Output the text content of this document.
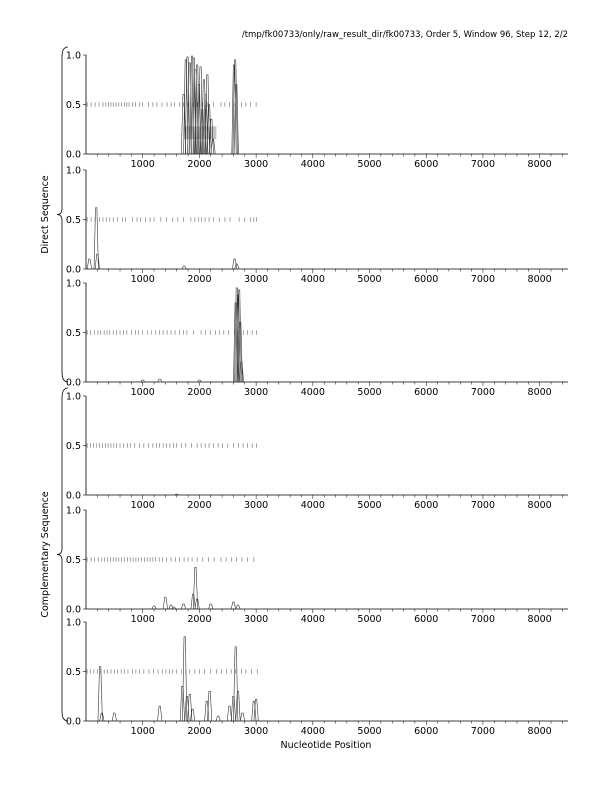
/tmp/fk00733/only/raw_result_dir/fk00733, Order 5, Window 96, Step 12, 2/2
0.0
0.5
1.0
1000	2000	3000	4000	5000	6000	7000	8000
0.0
0.5
1.0
1000	2000	3000	4000	5000	6000	7000	8000
0.0
0.5
1.0
1000	2000	3000	4000	5000	6000	7000	8000
0.0
0.5
1.0
1000	2000	3000	4000	5000	6000	7000	8000
0.0
0.5
1.0
1000	2000	3000	4000	5000	6000	7000	8000
0.0
0.5
1.0
1000	2000	3000	4000	5000	6000	7000	8000
Direct Sequence
Complementary Sequence
Nucleotide Position
